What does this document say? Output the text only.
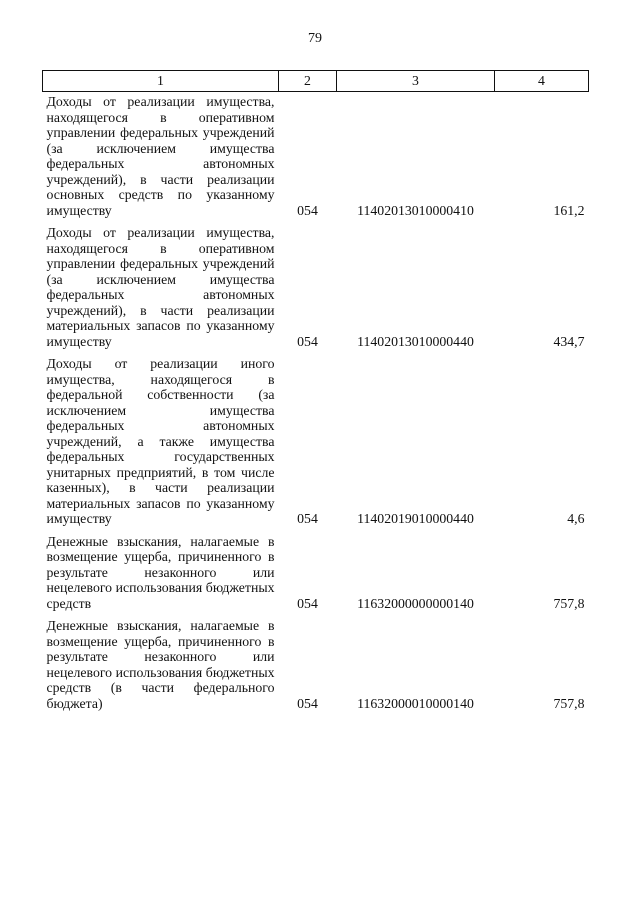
79
1	2	3	4
Доходы от реализации имущества, находящегося в оперативном управлении федеральных учреждений (за исключением имущества федеральных автономных учреждений), в части реализации основных средств по указанному имуществу	054	11402013010000410	161,2
Доходы от реализации имущества, находящегося в оперативном управлении федеральных учреждений (за исключением имущества федеральных автономных учреждений), в части реализации материальных запасов по указанному имуществу	054	11402013010000440	434,7
Доходы от реализации иного имущества, находящегося в федеральной собственности (за исключением имущества федеральных автономных учреждений, а также имущества федеральных государственных унитарных предприятий, в том числе казенных), в части реализации материальных запасов по указанному имуществу	054	11402019010000440	4,6
Денежные взыскания, налагаемые в возмещение ущерба, причиненного в результате незаконного или нецелевого использования бюджетных средств	054	11632000000000140	757,8
Денежные взыскания, налагаемые в возмещение ущерба, причиненного в результате незаконного или нецелевого использования бюджетных средств (в части федерального бюджета)	054	11632000010000140	757,8
